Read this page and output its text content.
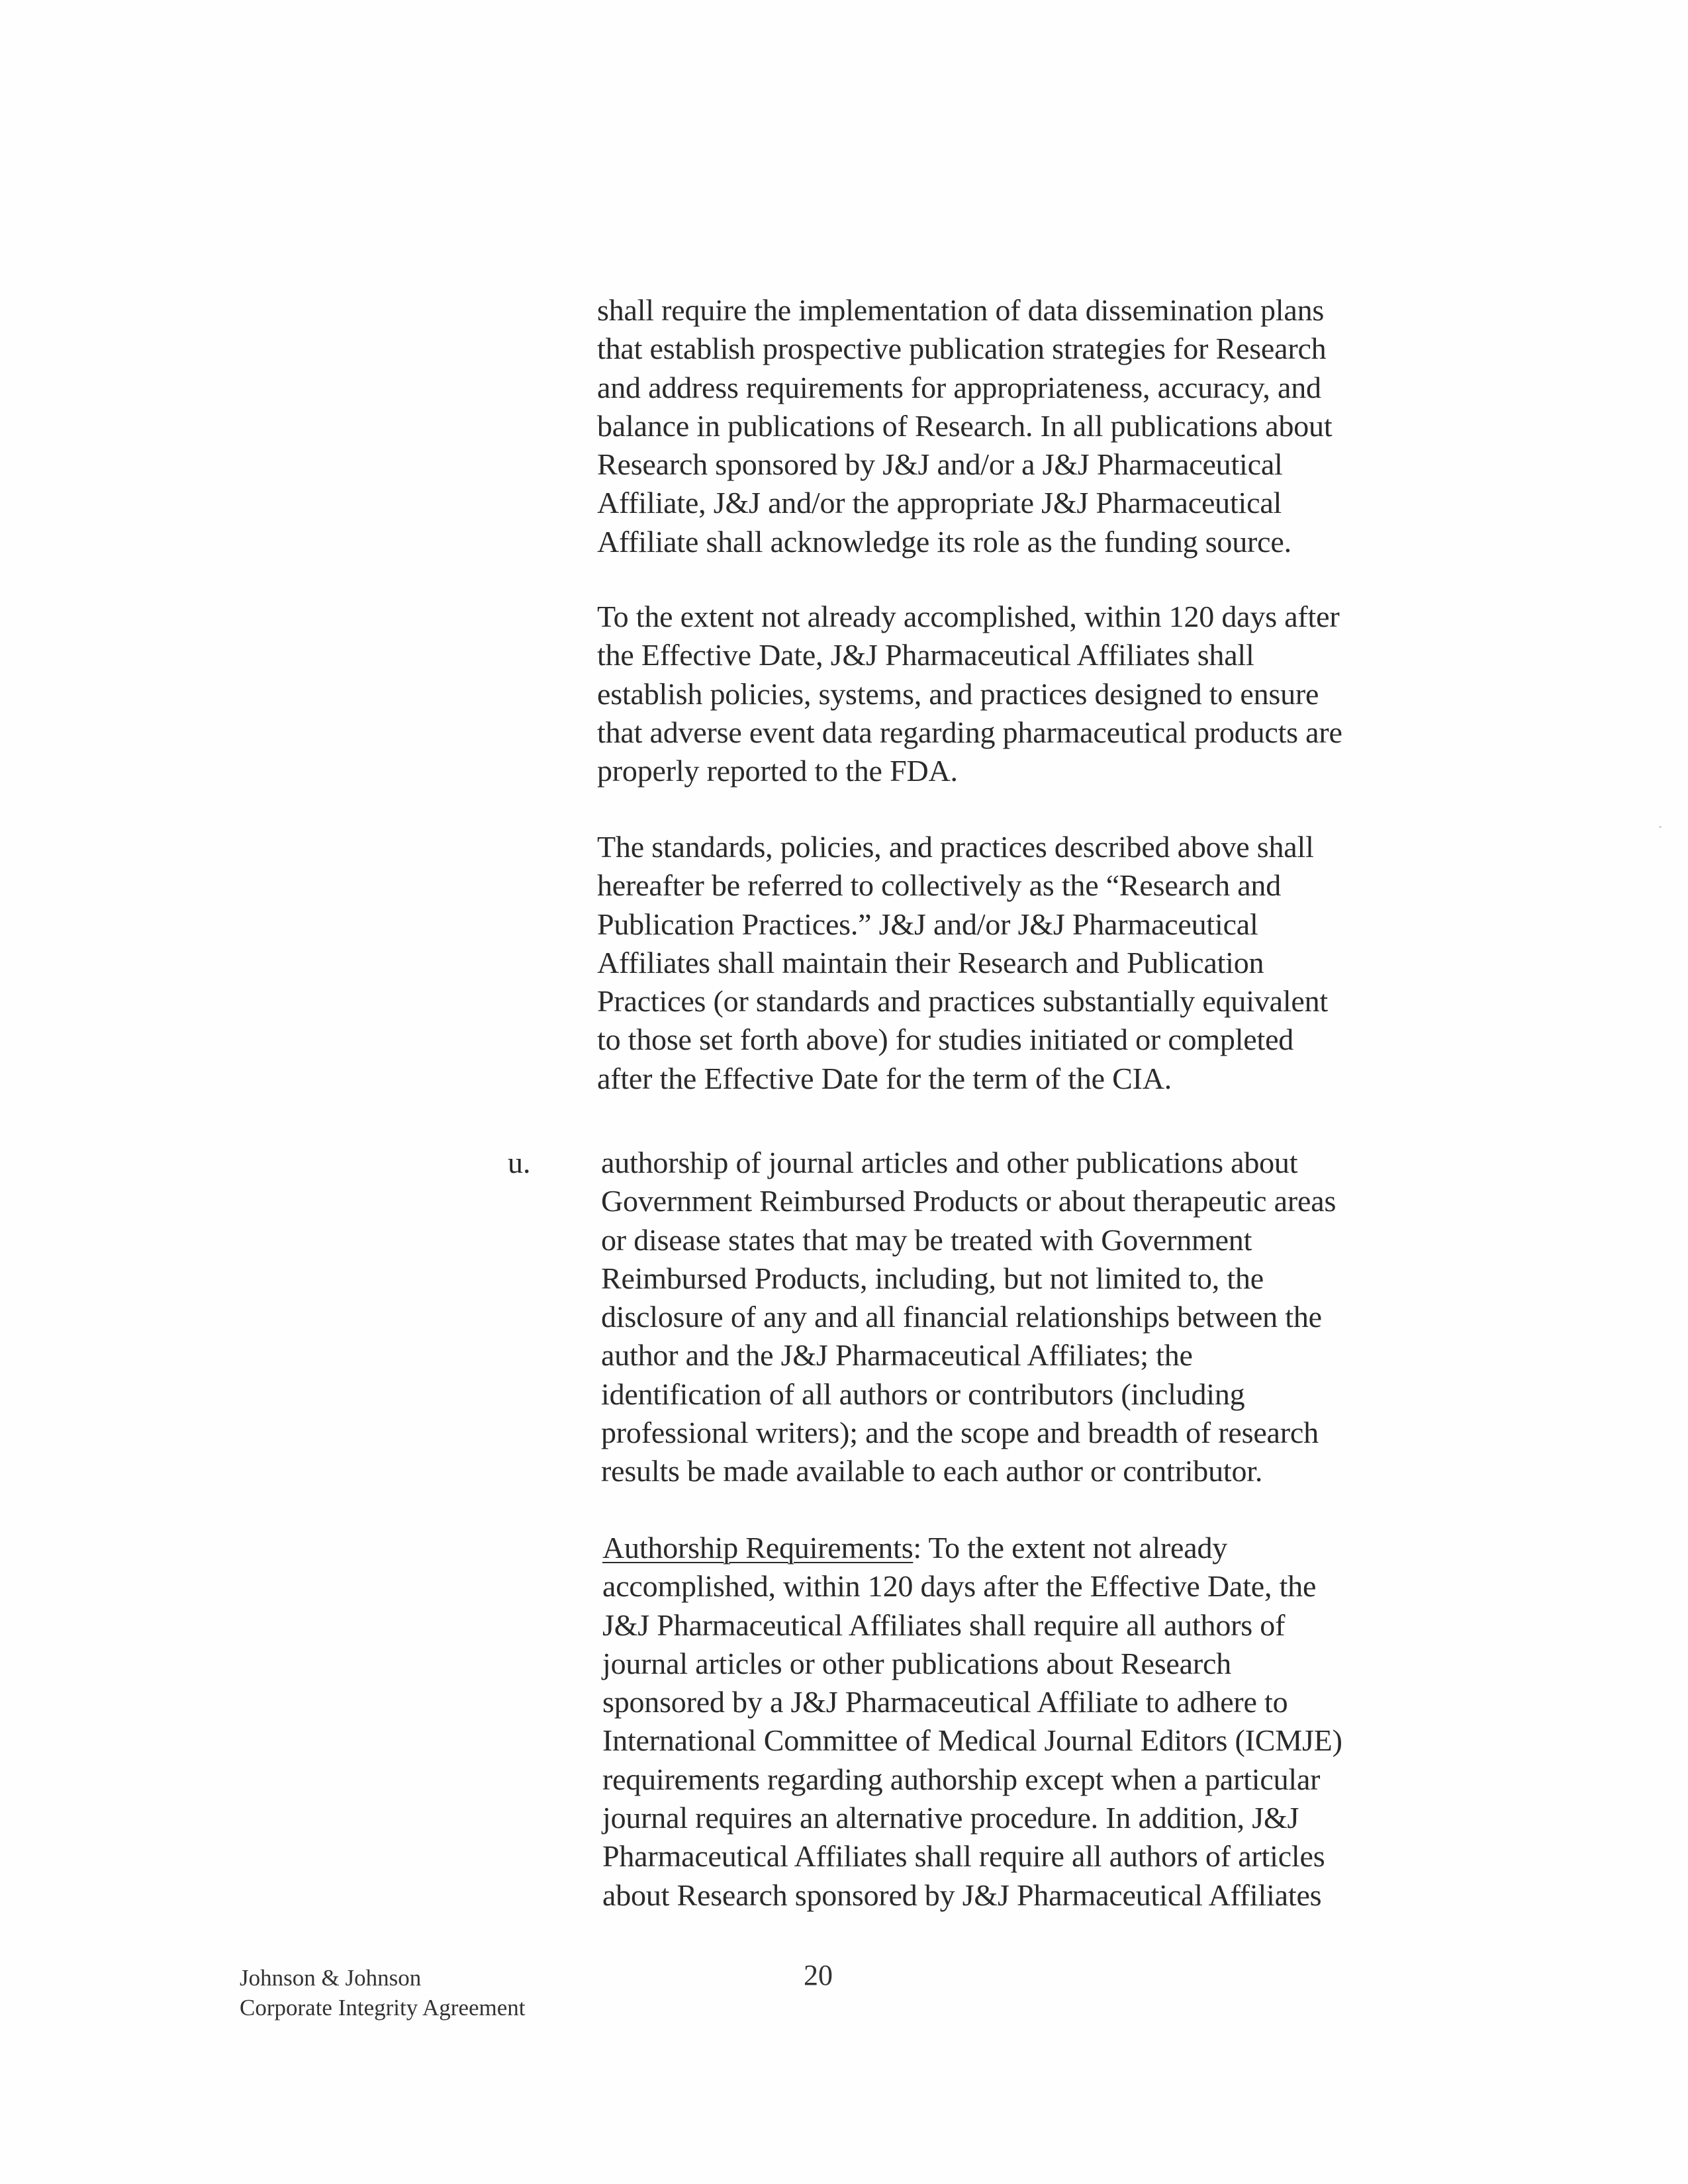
shall require the implementation of data dissemination plans
that establish prospective publication strategies for Research
and address requirements for appropriateness, accuracy, and
balance in publications of Research. In all publications about
Research sponsored by J&J and/or a J&J Pharmaceutical
Affiliate, J&J and/or the appropriate J&J Pharmaceutical
Affiliate shall acknowledge its role as the funding source.
To the extent not already accomplished, within 120 days after
the Effective Date, J&J Pharmaceutical Affiliates shall
establish policies, systems, and practices designed to ensure
that adverse event data regarding pharmaceutical products are
properly reported to the FDA.
The standards, policies, and practices described above shall
hereafter be referred to collectively as the “Research and
Publication Practices.” J&J and/or J&J Pharmaceutical
Affiliates shall maintain their Research and Publication
Practices (or standards and practices substantially equivalent
to those set forth above) for studies initiated or completed
after the Effective Date for the term of the CIA.
u. authorship of journal articles and other publications about
Government Reimbursed Products or about therapeutic areas
or disease states that may be treated with Government
Reimbursed Products, including, but not limited to, the
disclosure of any and all financial relationships between the
author and the J&J Pharmaceutical Affiliates; the
identification of all authors or contributors (including
professional writers); and the scope and breadth of research
results be made available to each author or contributor.
Authorship Requirements: To the extent not already
accomplished, within 120 days after the Effective Date, the
J&J Pharmaceutical Affiliates shall require all authors of
journal articles or other publications about Research
sponsored by a J&J Pharmaceutical Affiliate to adhere to
International Committee of Medical Journal Editors (ICMJE)
requirements regarding authorship except when a particular
journal requires an alternative procedure. In addition, J&J
Pharmaceutical Affiliates shall require all authors of articles
about Research sponsored by J&J Pharmaceutical Affiliates
Johnson & Johnson
Corporate Integrity Agreement
20
